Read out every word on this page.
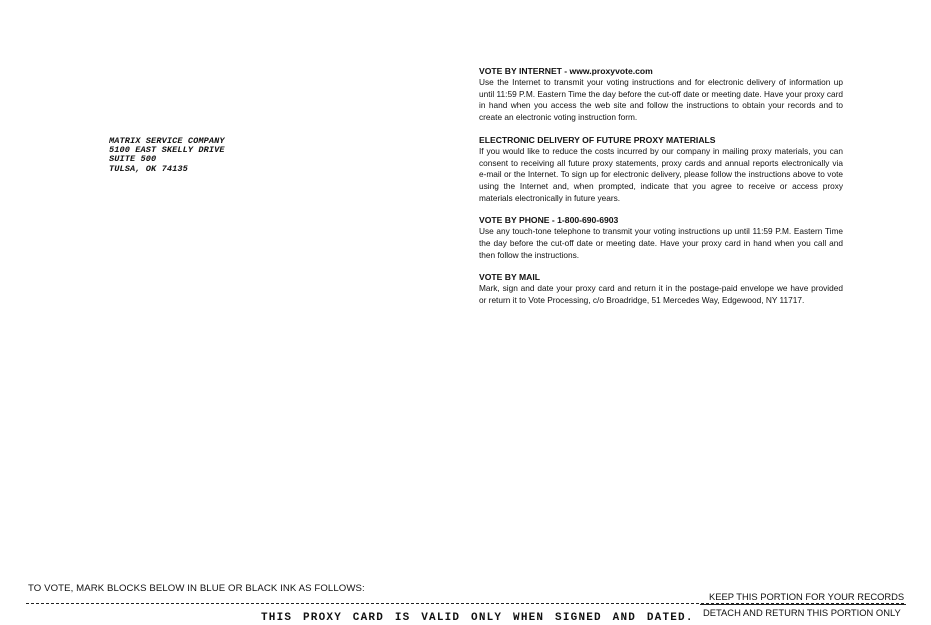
MATRIX SERVICE COMPANY
5100 EAST SKELLY DRIVE
SUITE 500
TULSA, OK 74135
VOTE BY INTERNET - www.proxyvote.com
Use the Internet to transmit your voting instructions and for electronic delivery of information up until 11:59 P.M. Eastern Time the day before the cut-off date or meeting date. Have your proxy card in hand when you access the web site and follow the instructions to obtain your records and to create an electronic voting instruction form.
ELECTRONIC DELIVERY OF FUTURE PROXY MATERIALS
If you would like to reduce the costs incurred by our company in mailing proxy materials, you can consent to receiving all future proxy statements, proxy cards and annual reports electronically via e-mail or the Internet. To sign up for electronic delivery, please follow the instructions above to vote using the Internet and, when prompted, indicate that you agree to receive or access proxy materials electronically in future years.
VOTE BY PHONE - 1-800-690-6903
Use any touch-tone telephone to transmit your voting instructions up until 11:59 P.M. Eastern Time the day before the cut-off date or meeting date. Have your proxy card in hand when you call and then follow the instructions.
VOTE BY MAIL
Mark, sign and date your proxy card and return it in the postage-paid envelope we have provided or return it to Vote Processing, c/o Broadridge, 51 Mercedes Way, Edgewood, NY 11717.
TO VOTE, MARK BLOCKS BELOW IN BLUE OR BLACK INK AS FOLLOWS:
KEEP THIS PORTION FOR YOUR RECORDS
DETACH AND RETURN THIS PORTION ONLY
THIS PROXY CARD IS VALID ONLY WHEN SIGNED AND DATED.
